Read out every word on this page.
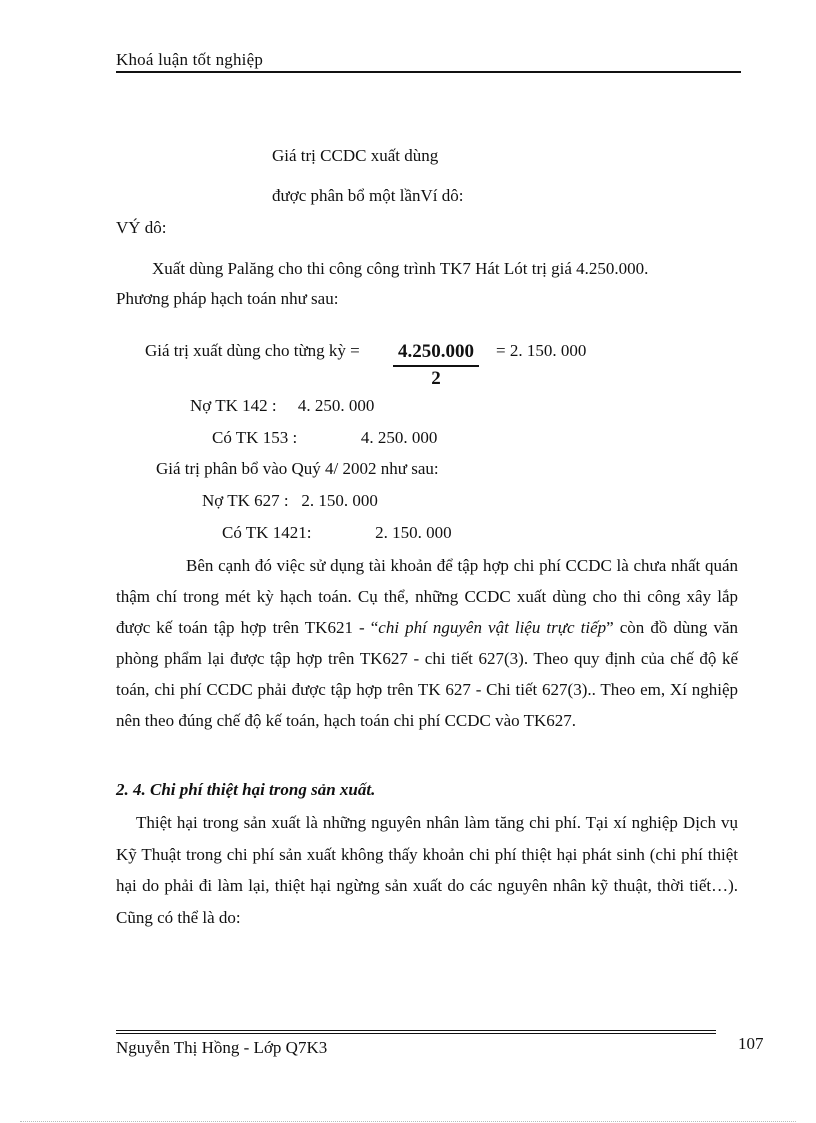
Khoá luận tốt nghiệp
Giá trị CCDC xuất dùng
được phân bổ một lầnVí dô:
VÝ dô:
Xuất dùng Palăng cho thi công công trình TK7 Hát Lót trị giá 4.250.000.
Phương pháp hạch toán như sau:
Giá trị xuất dùng cho từng kỳ = $\frac{4.250.000}{2} = 2$. 150. 000
Nợ TK 142 :     4. 250. 000
Có TK 153 :               4. 250. 000
Giá trị phân bổ vào Quý 4/ 2002 như sau:
Nợ TK 627 :   2. 150. 000
Có TK 1421:               2. 150. 000
Bên cạnh đó việc sử dụng tài khoản để tập hợp chi phí CCDC là chưa nhất quán thậm chí trong mét kỳ hạch toán. Cụ thể, những CCDC xuất dùng cho thi công xây lắp được kế toán tập hợp trên TK621 - “chi phí nguyên vật liệu trực tiếp” còn đồ dùng văn phòng phẩm lại được tập hợp trên TK627 - chi tiết 627(3). Theo quy định của chế độ kế toán, chi phí CCDC phải được tập hợp trên TK 627 - Chi tiết 627(3).. Theo em, Xí nghiệp nên theo đúng chế độ kế toán, hạch toán chi phí CCDC vào TK627.
2. 4. Chi phí thiệt hại trong sản xuất.
Thiệt hại trong sản xuất là những nguyên nhân làm tăng chi phí. Tại xí nghiệp Dịch vụ Kỹ Thuật trong chi phí sản xuất không thấy khoản chi phí thiệt hại phát sinh (chi phí thiệt hại do phải đi làm lại, thiệt hại ngừng sản xuất do các nguyên nhân kỹ thuật, thời tiết…). Cũng có thể là do:
Nguyễn Thị Hồng - Lớp Q7K3	107
